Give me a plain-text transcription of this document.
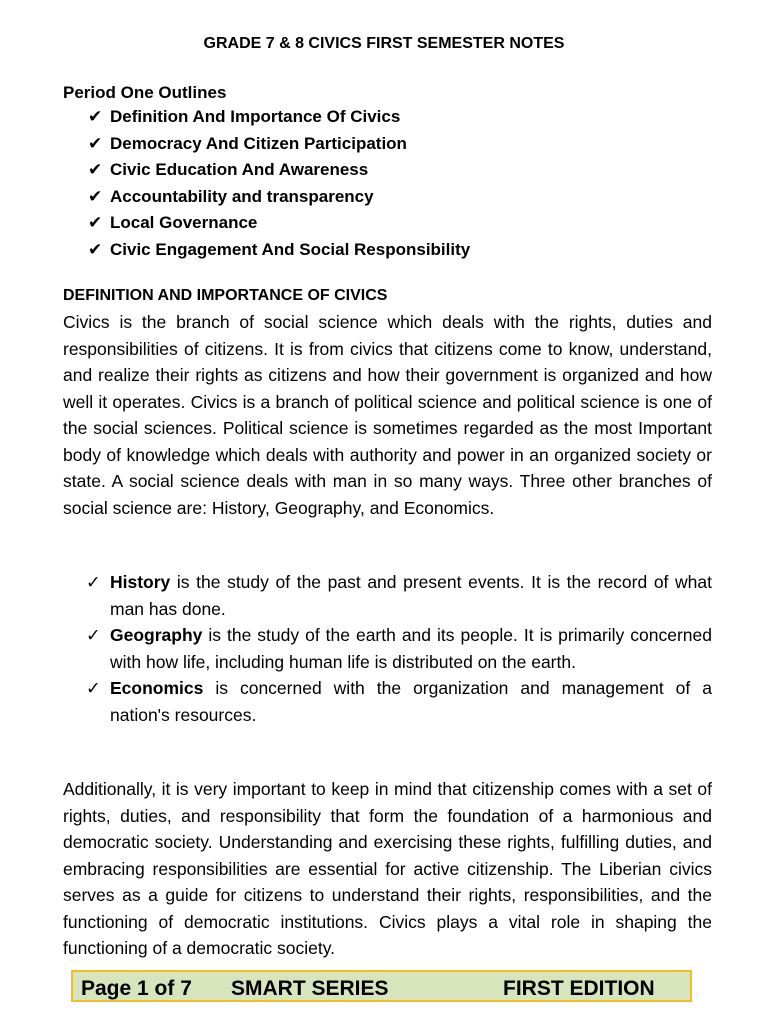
GRADE 7 & 8 CIVICS FIRST SEMESTER NOTES
Period One Outlines
✔ Definition And Importance Of Civics
✔ Democracy And Citizen Participation
✔ Civic Education And Awareness
✔ Accountability and transparency
✔ Local Governance
✔ Civic Engagement And Social Responsibility
DEFINITION AND IMPORTANCE OF CIVICS

Civics is the branch of social science which deals with the rights, duties and responsibilities of citizens. It is from civics that citizens come to know, understand, and realize their rights as citizens and how their government is organized and how well it operates. Civics is a branch of political science and political science is one of the social sciences. Political science is sometimes regarded as the most Important body of knowledge which deals with authority and power in an organized society or state. A social science deals with man in so many ways. Three other branches of social science are: History, Geography, and Economics.

✓ History is the study of the past and present events. It is the record of what man has done.
✓ Geography is the study of the earth and its people. It is primarily concerned with how life, including human life is distributed on the earth.
✓ Economics is concerned with the organization and management of a nation's resources.

Additionally, it is very important to keep in mind that citizenship comes with a set of rights, duties, and responsibility that form the foundation of a harmonious and democratic society. Understanding and exercising these rights, fulfilling duties, and embracing responsibilities are essential for active citizenship. The Liberian civics serves as a guide for citizens to understand their rights, responsibilities, and the functioning of democratic institutions. Civics plays a vital role in shaping the functioning of a democratic society.

Page 1 of 7 SMART SERIES	FIRST EDITION
